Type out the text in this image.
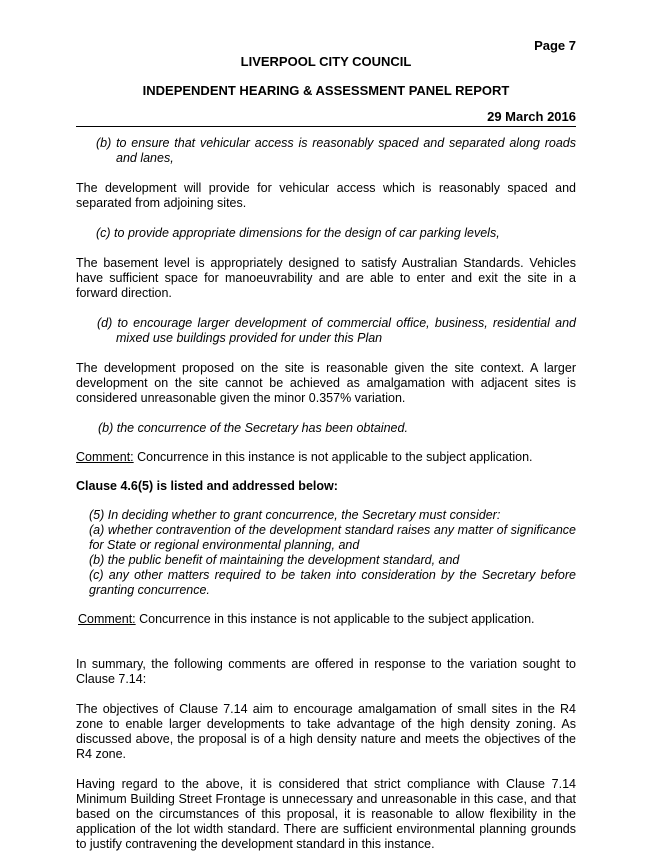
Page 7
LIVERPOOL CITY COUNCIL
INDEPENDENT HEARING & ASSESSMENT PANEL REPORT
29 March 2016

(b) to ensure that vehicular access is reasonably spaced and separated along roads and lanes,

The development will provide for vehicular access which is reasonably spaced and separated from adjoining sites.

(c) to provide appropriate dimensions for the design of car parking levels,

The basement level is appropriately designed to satisfy Australian Standards. Vehicles have sufficient space for manoeuvrability and are able to enter and exit the site in a forward direction.

(d) to encourage larger development of commercial office, business, residential and mixed use buildings provided for under this Plan

The development proposed on the site is reasonable given the site context. A larger development on the site cannot be achieved as amalgamation with adjacent sites is considered unreasonable given the minor 0.357% variation.

(b) the concurrence of the Secretary has been obtained.

Comment: Concurrence in this instance is not applicable to the subject application.

Clause 4.6(5) is listed and addressed below:

(5) In deciding whether to grant concurrence, the Secretary must consider:

(a) whether contravention of the development standard raises any matter of significance for State or regional environmental planning, and

(b) the public benefit of maintaining the development standard, and

(c) any other matters required to be taken into consideration by the Secretary before granting concurrence.

Comment: Concurrence in this instance is not applicable to the subject application.

In summary, the following comments are offered in response to the variation sought to Clause 7.14:

The objectives of Clause 7.14 aim to encourage amalgamation of small sites in the R4 zone to enable larger developments to take advantage of the high density zoning. As discussed above, the proposal is of a high density nature and meets the objectives of the R4 zone.

Having regard to the above, it is considered that strict compliance with Clause 7.14 Minimum Building Street Frontage is unnecessary and unreasonable in this case, and that based on the circumstances of this proposal, it is reasonable to allow flexibility in the application of the lot width standard. There are sufficient environmental planning grounds to justify contravening the development standard in this instance.
